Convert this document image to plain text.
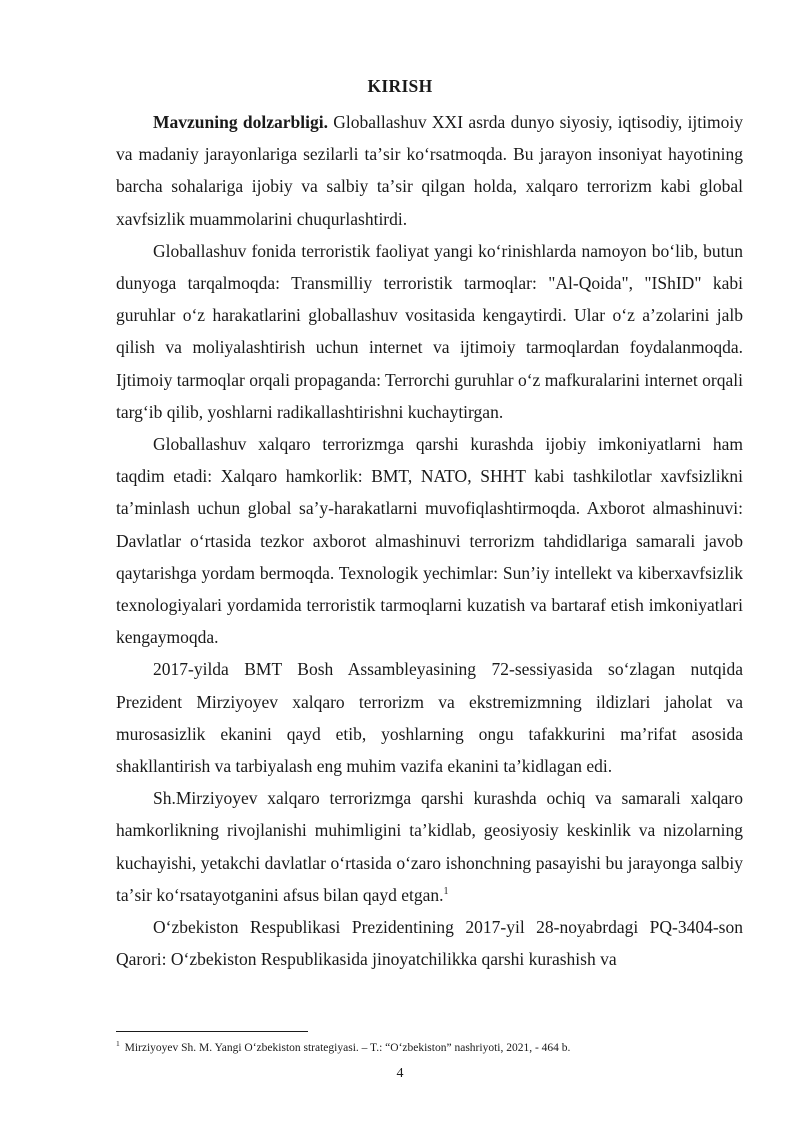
KIRISH

Mavzuning dolzarbligi. Globallashuv XXI asrda dunyo siyosiy, iqtisodiy, ijtimoiy va madaniy jarayonlariga sezilarli taʼsir koʻrsatmoqda. Bu jarayon insoniyat hayotining barcha sohalariga ijobiy va salbiy taʼsir qilgan holda, xalqaro terrorizm kabi global xavfsizlik muammolarini chuqurlashtirdi.

Globallashuv fonida terroristik faoliyat yangi koʻrinishlarda namoyon boʻlib, butun dunyoga tarqalmoqda: Transmilliy terroristik tarmoqlar: "Al-Qoida", "IShID" kabi guruhlar oʻz harakatlarini globallashuv vositasida kengaytirdi. Ular oʻz aʼzolarini jalb qilish va moliyalashtirish uchun internet va ijtimoiy tarmoqlardan foydalanmoqda. Ijtimoiy tarmoqlar orqali propaganda: Terrorchi guruhlar oʻz mafkuralarini internet orqali targʻib qilib, yoshlarni radikallashtirishni kuchaytirgan.

Globallashuv xalqaro terrorizmga qarshi kurashda ijobiy imkoniyatlarni ham taqdim etadi: Xalqaro hamkorlik: BMT, NATO, SHHT kabi tashkilotlar xavfsizlikni taʼminlash uchun global saʼy-harakatlarni muvofiqlashtirmoqda. Axborot almashinuvi: Davlatlar oʻrtasida tezkor axborot almashinuvi terrorizm tahdidlariga samarali javob qaytarishga yordam bermoqda. Texnologik yechimlar: Sunʼiy intellekt va kiberxavfsizlik texnologiyalari yordamida terroristik tarmoqlarni kuzatish va bartaraf etish imkoniyatlari kengaymoqda.

2017-yilda BMT Bosh Assambleyasining 72-sessiyasida soʻzlagan nutqida Prezident Mirziyoyev xalqaro terrorizm va ekstremizmning ildizlari jaholat va murosasizlik ekanini qayd etib, yoshlarning ongu tafakkurini maʼrifat asosida shakllantirish va tarbiyalash eng muhim vazifa ekanini taʼkidlagan edi.

Sh.Mirziyoyev xalqaro terrorizmga qarshi kurashda ochiq va samarali xalqaro hamkorlikning rivojlanishi muhimligini taʼkidlab, geosiyosiy keskinlik va nizolarning kuchayishi, yetakchi davlatlar oʻrtasida oʻzaro ishonchning pasayishi bu jarayonga salbiy taʼsir koʻrsatayotganini afsus bilan qayd etgan.$^1$

Oʻzbekiston Respublikasi Prezidentining 2017-yil 28-noyabrdagi PQ-3404-son Qarori: Oʻzbekiston Respublikasida jinoyatchilikka qarshi kurashish va

$^1$ Mirziyoyev Sh. M. Yangi Oʻzbekiston strategiyasi. – T.: “Oʻzbekiston” nashriyoti, 2021, - 464 b.
4
